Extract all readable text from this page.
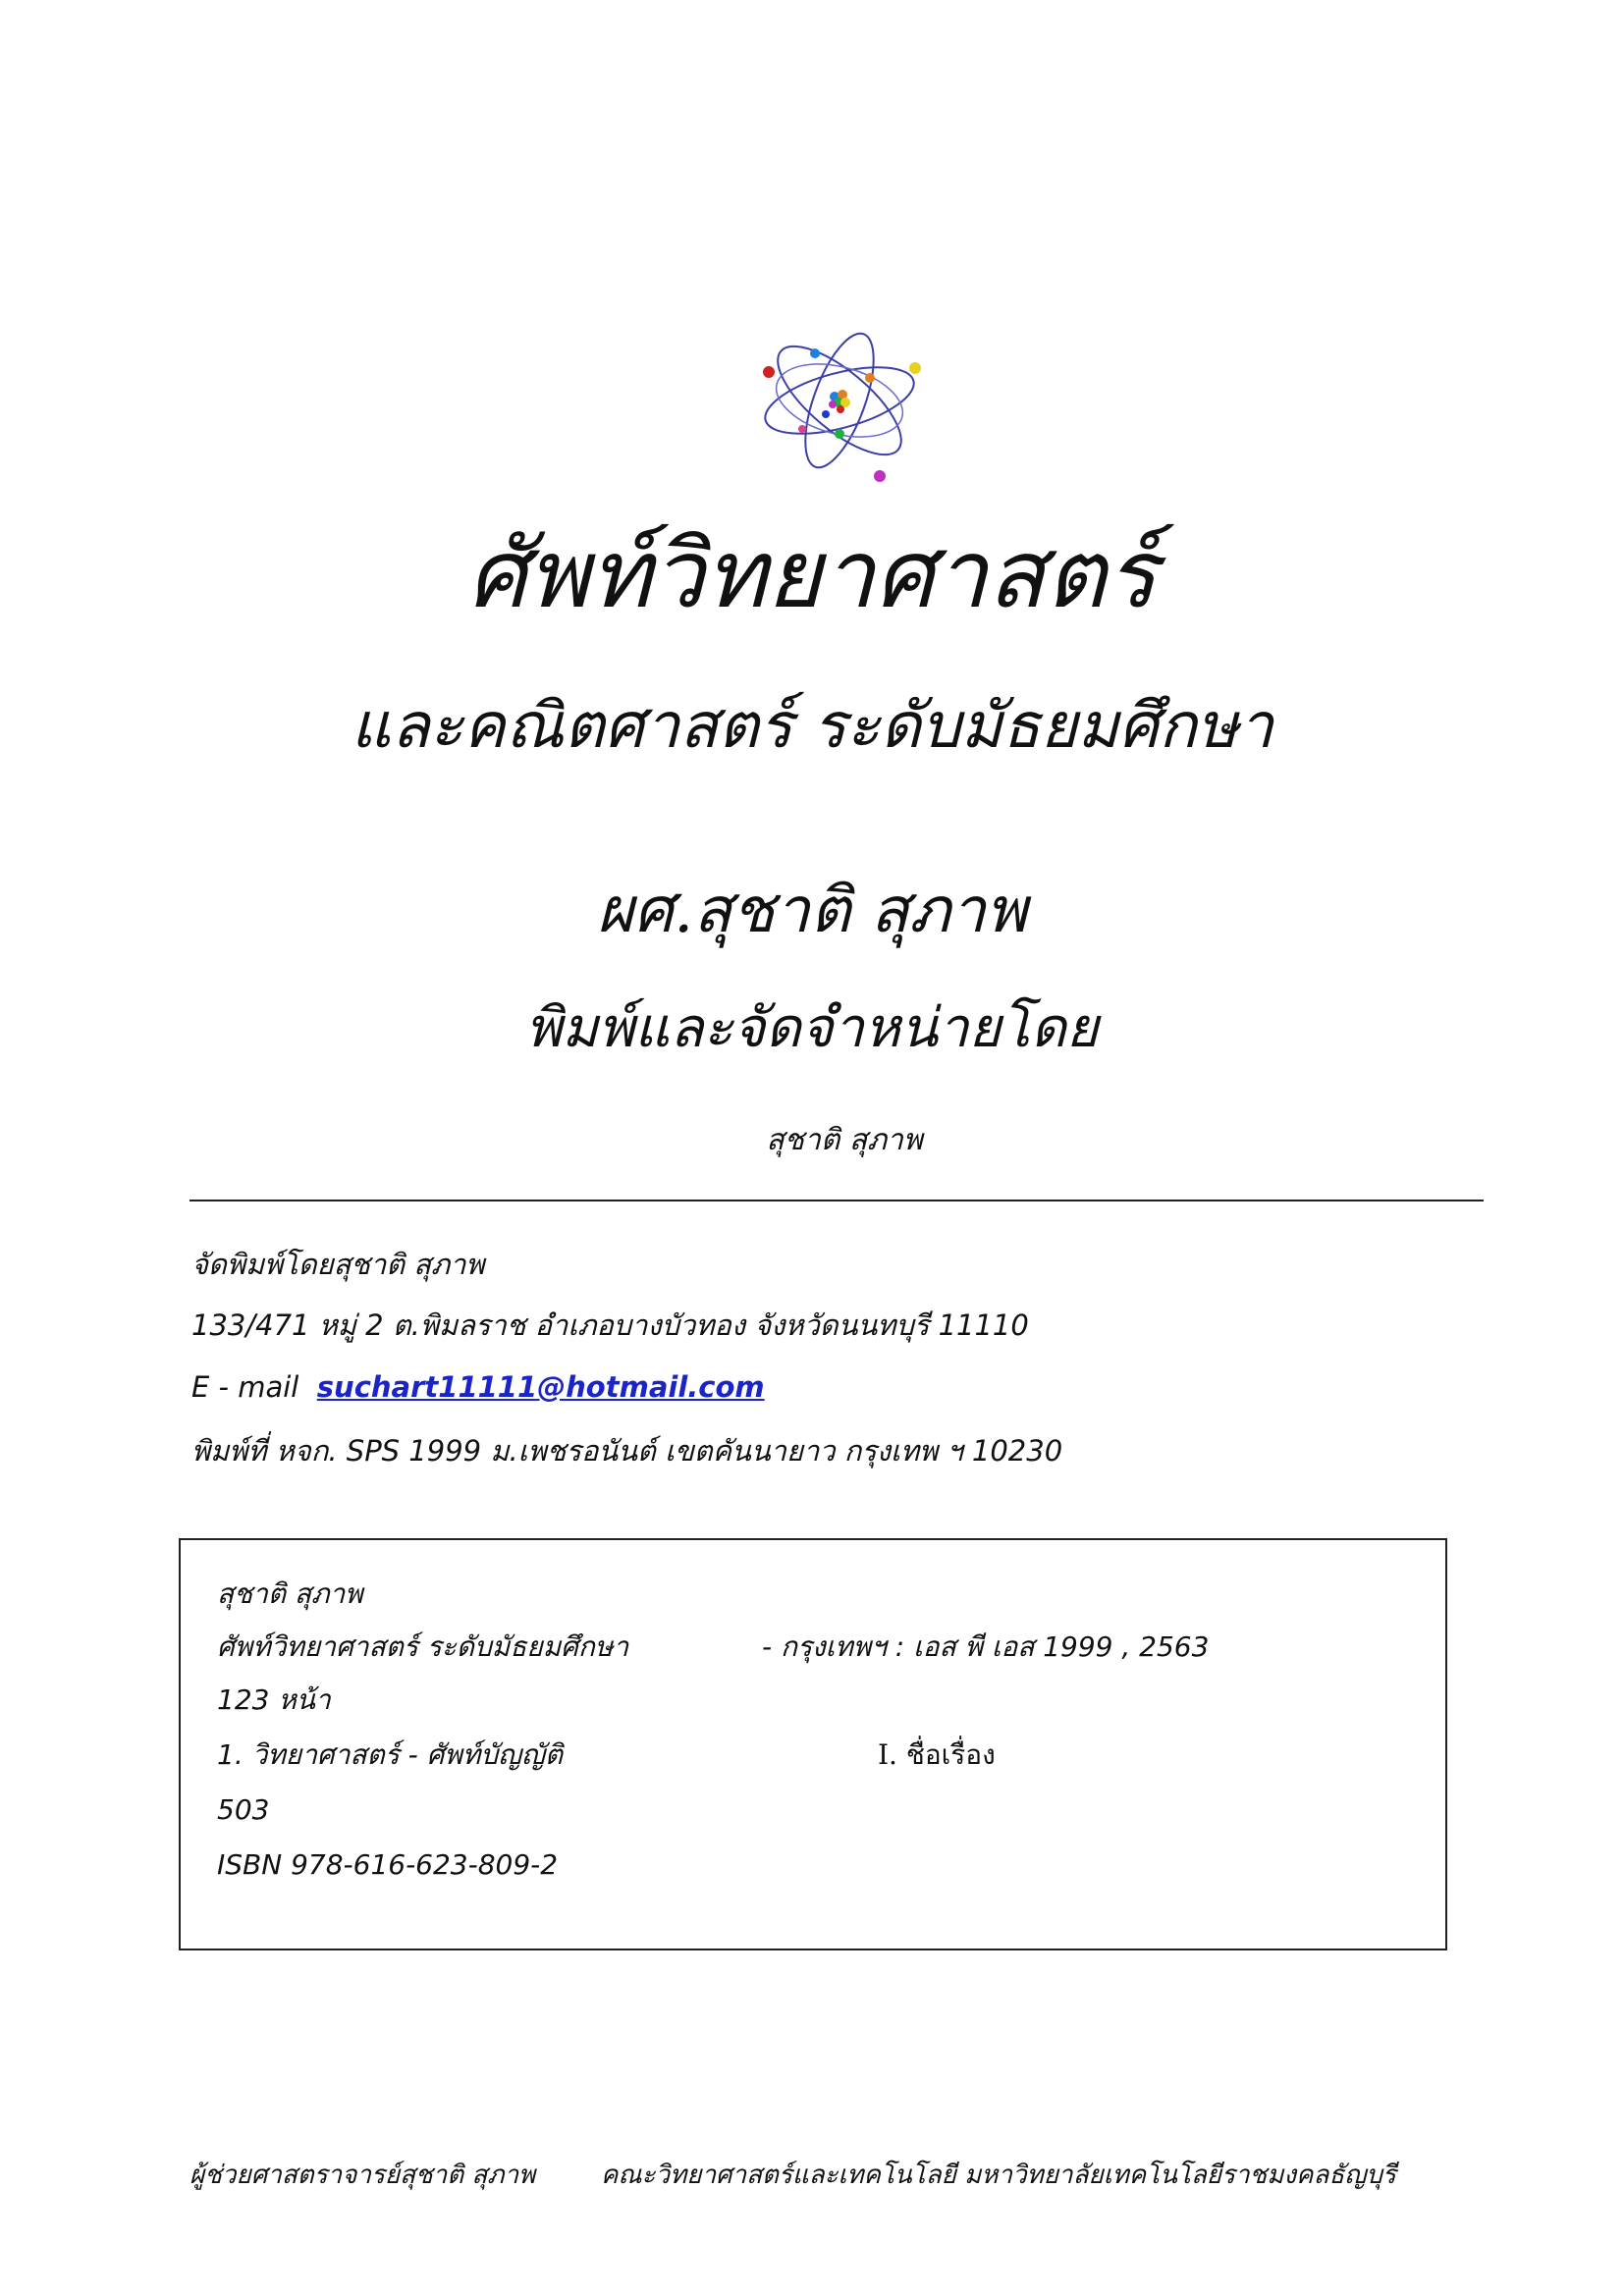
ศัพท์วิทยาศาสตร์
และคณิตศาสตร์ ระดับมัธยมศึกษา
ผศ.สุชาติ สุภาพ
พิมพ์และจัดจำหน่ายโดย
สุชาติ สุภาพ
จัดพิมพ์โดยสุชาติ สุภาพ
133/471 หมู่ 2 ต.พิมลราช อำเภอบางบัวทอง จังหวัดนนทบุรี 11110
E - mail suchart11111@hotmail.com
พิมพ์ที่ หจก. SPS 1999 ม.เพชรอนันต์ เขตคันนายาว กรุงเทพ ฯ 10230
สุชาติ สุภาพ
ศัพท์วิทยาศาสตร์ ระดับมัธยมศึกษา	- กรุงเทพฯ : เอส พี เอส 1999 , 2563
123 หน้า
1. วิทยาศาสตร์ - ศัพท์บัญญัติ	I. ชื่อเรื่อง
503
ISBN 978-616-623-809-2
ผู้ช่วยศาสตราจารย์สุชาติ สุภาพ	คณะวิทยาศาสตร์และเทคโนโลยี มหาวิทยาลัยเทคโนโลยีราชมงคลธัญบุรี
